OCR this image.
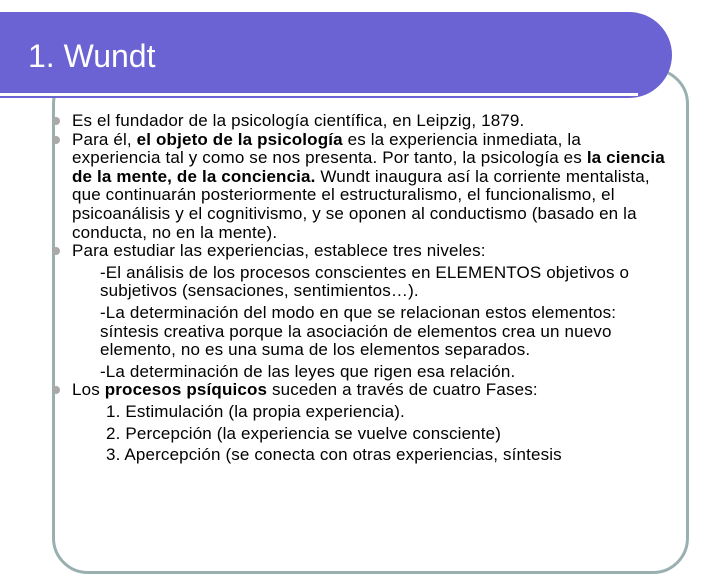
1. Wundt
Es el fundador de la psicología científica, en Leipzig, 1879.
Para él, el objeto de la psicología es la experiencia inmediata, la experiencia tal y como se nos presenta. Por tanto, la psicología es la ciencia de la mente, de la conciencia. Wundt inaugura así la corriente mentalista, que continuarán posteriormente el estructuralismo, el funcionalismo, el psicoanálisis y el cognitivismo, y se oponen al conductismo (basado en la conducta, no en la mente).
Para estudiar las experiencias, establece tres niveles:
-El análisis de los procesos conscientes en ELEMENTOS objetivos o subjetivos (sensaciones, sentimientos…).
-La determinación del modo en que se relacionan estos elementos: síntesis creativa porque la asociación de elementos crea un nuevo elemento, no es una suma de los elementos separados.
-La determinación de las leyes que rigen esa relación.
Los procesos psíquicos suceden a través de cuatro Fases:
1. Estimulación (la propia experiencia).
2. Percepción (la experiencia se vuelve consciente)
3. Apercepción (se conecta con otras experiencias, síntesis
